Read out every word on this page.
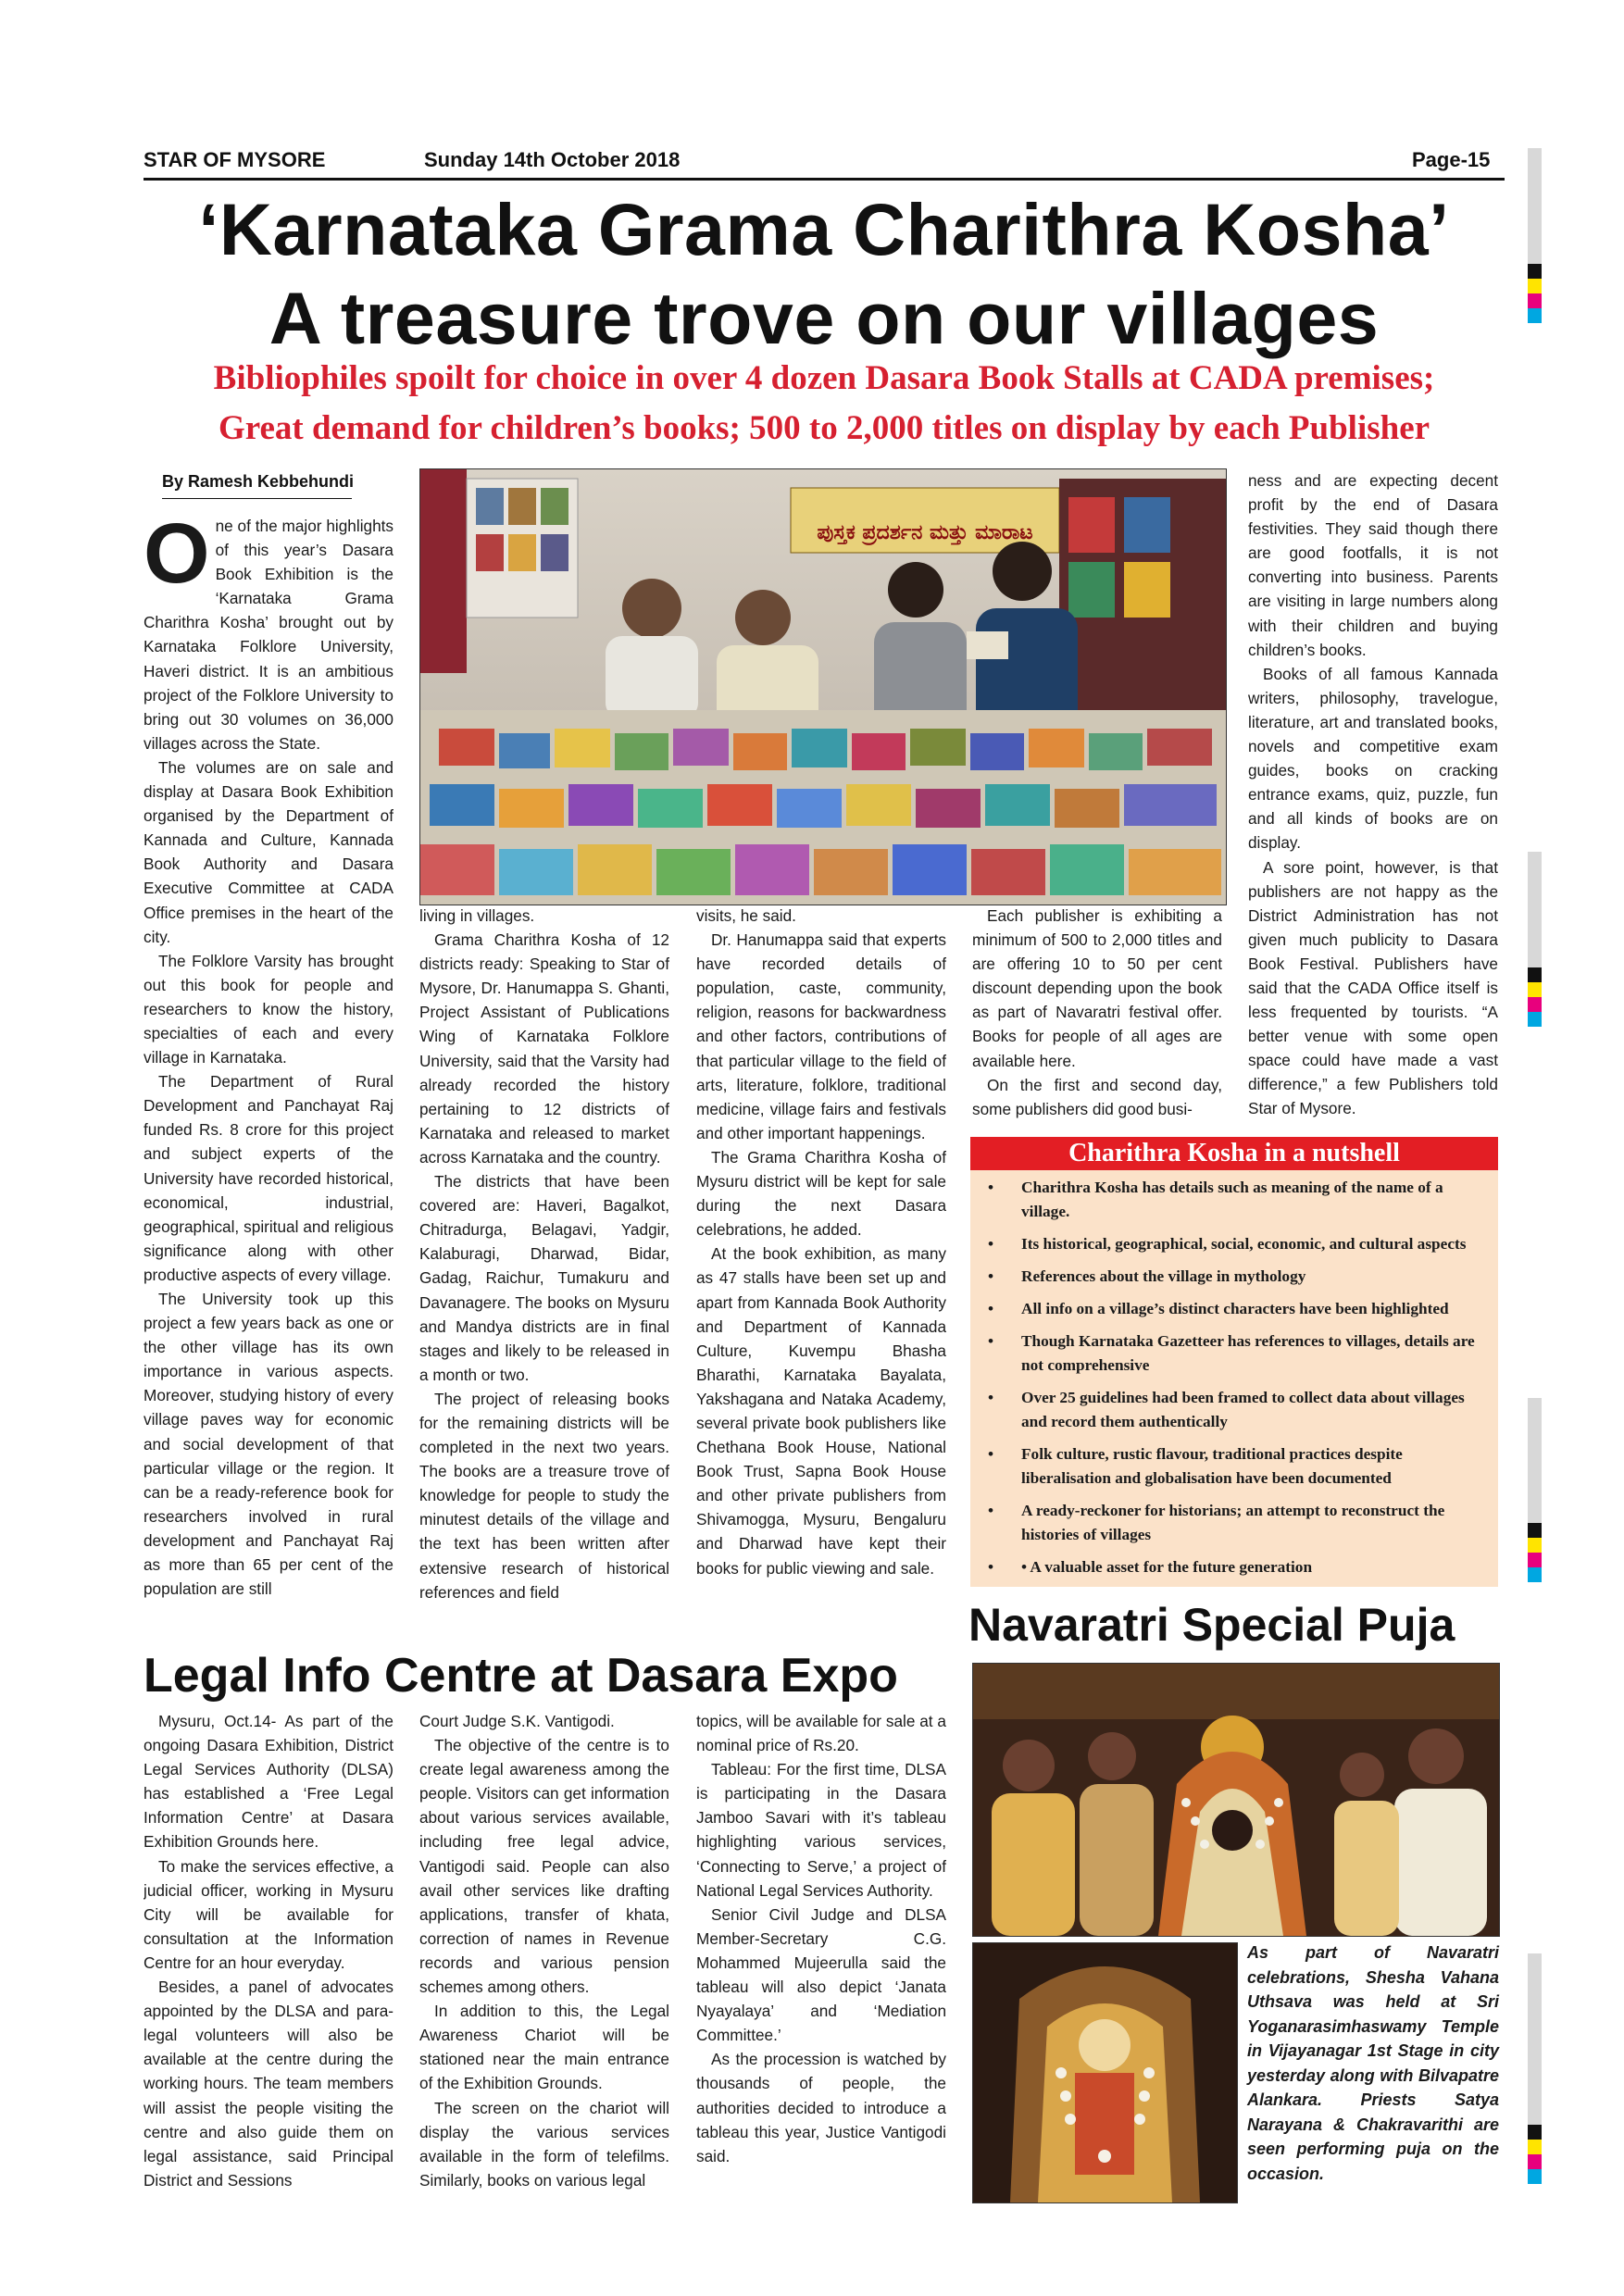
STAR OF MYSORE	Sunday 14th October 2018	Page-15
‘Karnataka Grama Charithra Kosha’
A treasure trove on our villages
Bibliophiles spoilt for choice in over 4 dozen Dasara Book Stalls at CADA premises;
Great demand for children’s books; 500 to 2,000 titles on display by each Publisher
By Ramesh Kebbehundi

One of the major highlights of this year’s Dasara Book Exhibition is the ‘Karnataka Grama Charithra Kosha’ brought out by Karnataka Folklore University, Haveri district. It is an ambitious project of the Folklore University to bring out 30 volumes on 36,000 villages across the State.

The volumes are on sale and display at Dasara Book Exhibition organised by the Department of Kannada and Culture, Kannada Book Authority and Dasara Executive Committee at CADA Office premises in the heart of the city.

The Folklore Varsity has brought out this book for people and researchers to know the history, specialties of each and every village in Karnataka.

The Department of Rural Development and Panchayat Raj funded Rs. 8 crore for this project and subject experts of the University have recorded historical, economical, industrial, geographical, spiritual and religious significance along with other productive aspects of every village.

The University took up this project a few years back as one or the other village has its own importance in various aspects. Moreover, studying history of every village paves way for economic and social development of that particular village or the region. It can be a ready-reference book for researchers involved in rural development and Panchayat Raj as more than 65 per cent of the population are still

ಪುಸ್ತಕ ಪ್ರದರ್ಶನ ಮತ್ತು ಮಾರಾಟ

living in villages.

Grama Charithra Kosha of 12 districts ready: Speaking to Star of Mysore, Dr. Hanumappa S. Ghanti, Project Assistant of Publications Wing of Karnataka Folklore University, said that the Varsity had already recorded the history pertaining to 12 districts of Karnataka and released to market across Karnataka and the country.

The districts that have been covered are: Haveri, Bagalkot, Chitradurga, Belagavi, Yadgir, Kalaburagi, Dharwad, Bidar, Gadag, Raichur, Tumakuru and Davanagere. The books on Mysuru and Mandya districts are in final stages and likely to be released in a month or two.

The project of releasing books for the remaining districts will be completed in the next two years. The books are a treasure trove of knowledge for people to study the minutest details of the village and the text has been written after extensive research of historical references and field

visits, he said.

Dr. Hanumappa said that experts have recorded details of population, caste, community, religion, reasons for backwardness and other factors, contributions of that particular village to the field of arts, literature, folklore, traditional medicine, village fairs and festivals and other important happenings.

The Grama Charithra Kosha of Mysuru district will be kept for sale during the next Dasara celebrations, he added.

At the book exhibition, as many as 47 stalls have been set up and apart from Kannada Book Authority and Department of Kannada Culture, Kuvempu Bhasha Bharathi, Karnataka Bayalata, Yakshagana and Nataka Academy, several private book publishers like Chethana Book House, National Book Trust, Sapna Book House and other private publishers from Shivamogga, Mysuru, Bengaluru and Dharwad have kept their books for public viewing and sale.

Each publisher is exhibiting a minimum of 500 to 2,000 titles and are offering 10 to 50 per cent discount depending upon the book as part of Navaratri festival offer. Books for people of all ages are available here.

On the first and second day, some publishers did good busi-

ness and are expecting decent profit by the end of Dasara festivities. They said though there are good footfalls, it is not converting into business. Parents are visiting in large numbers along with their children and buying children’s books.

Books of all famous Kannada writers, philosophy, travelogue, literature, art and translated books, novels and competitive exam guides, books on cracking entrance exams, quiz, puzzle, fun and all kinds of books are on display.

A sore point, however, is that publishers are not happy as the District Administration has not given much publicity to Dasara Book Festival. Publishers have said that the CADA Office itself is less frequented by tourists. “A better venue with some open space could have made a vast difference,” a few Publishers told Star of Mysore.

Charithra Kosha in a nutshell
• Charithra Kosha has details such as meaning of the name of a village.
• Its historical, geographical, social, economic, and cultural aspects
• References about the village in mythology
• All info on a village’s distinct characters have been highlighted
• Though Karnataka Gazetteer has references to villages, details are not comprehensive
• Over 25 guidelines had been framed to collect data about villages and record them authentically
• Folk culture, rustic flavour, traditional practices despite liberalisation and globalisation have been documented
• A ready-reckoner for historians; an attempt to reconstruct the histories of villages
• • A valuable asset for the future generation
Navaratri Special Puja
As part of Navaratri celebrations, Shesha Vahana Uthsava was held at Sri Yoganarasimhaswamy Temple in Vijayanagar 1st Stage in city yesterday along with Bilvapatre Alankara. Priests Satya Narayana & Chakravarithi are seen performing puja on the occasion.
Legal Info Centre at Dasara Expo

Mysuru, Oct.14- As part of the ongoing Dasara Exhibition, District Legal Services Authority (DLSA) has established a ‘Free Legal Information Centre’ at Dasara Exhibition Grounds here.

To make the services effective, a judicial officer, working in Mysuru City will be available for consultation at the Information Centre for an hour everyday.

Besides, a panel of advocates appointed by the DLSA and para-legal volunteers will also be available at the centre during the working hours. The team members will assist the people visiting the centre and also guide them on legal assistance, said Principal District and Sessions

Court Judge S.K. Vantigodi.

The objective of the centre is to create legal awareness among the people. Visitors can get information about various services available, including free legal advice, Vantigodi said. People can also avail other services like drafting applications, transfer of khata, correction of names in Revenue records and various pension schemes among others.

In addition to this, the Legal Awareness Chariot will be stationed near the main entrance of the Exhibition Grounds.

The screen on the chariot will display the various services available in the form of telefilms. Similarly, books on various legal

topics, will be available for sale at a nominal price of Rs.20.

Tableau: For the first time, DLSA is participating in the Dasara Jamboo Savari with it’s tableau highlighting various services, ‘Connecting to Serve,’ a project of National Legal Services Authority.

Senior Civil Judge and DLSA Member-Secretary C.G. Mohammed Mujeerulla said the tableau will also depict ‘Janata Nyayalaya’ and ‘Mediation Committee.’

As the procession is watched by thousands of people, the authorities decided to introduce a tableau this year, Justice Vantigodi said.
